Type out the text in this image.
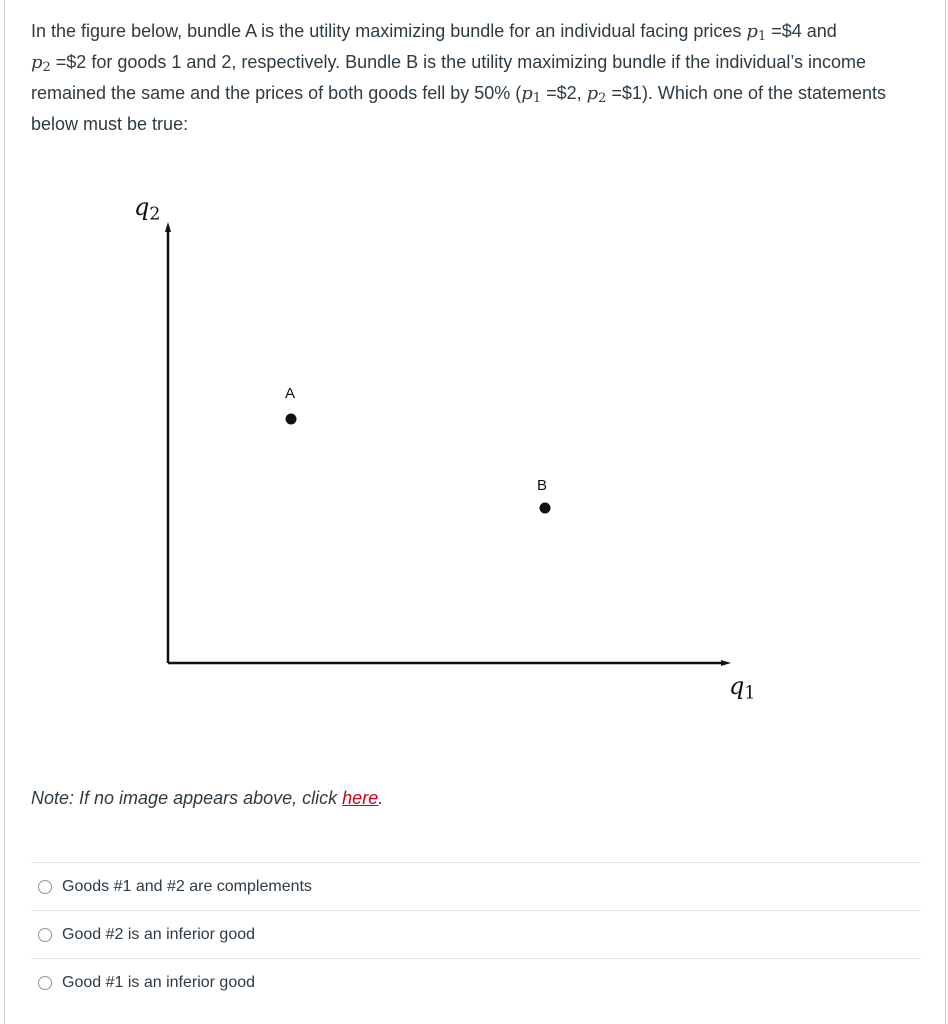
In the figure below, bundle A is the utility maximizing bundle for an individual facing prices $p_1$ =$4 and
$p_2$ =$2 for goods 1 and 2, respectively. Bundle B is the utility maximizing bundle if the individual’s income remained the same and the prices of both goods fell by 50% ($p_1$ =$2, $p_2$ =$1). Which one of the statements below must be true:
$q_2$
$q_1$
A
B
Note: If no image appears above, click here.
Goods #1 and #2 are complements
Good #2 is an inferior good
Good #1 is an inferior good
